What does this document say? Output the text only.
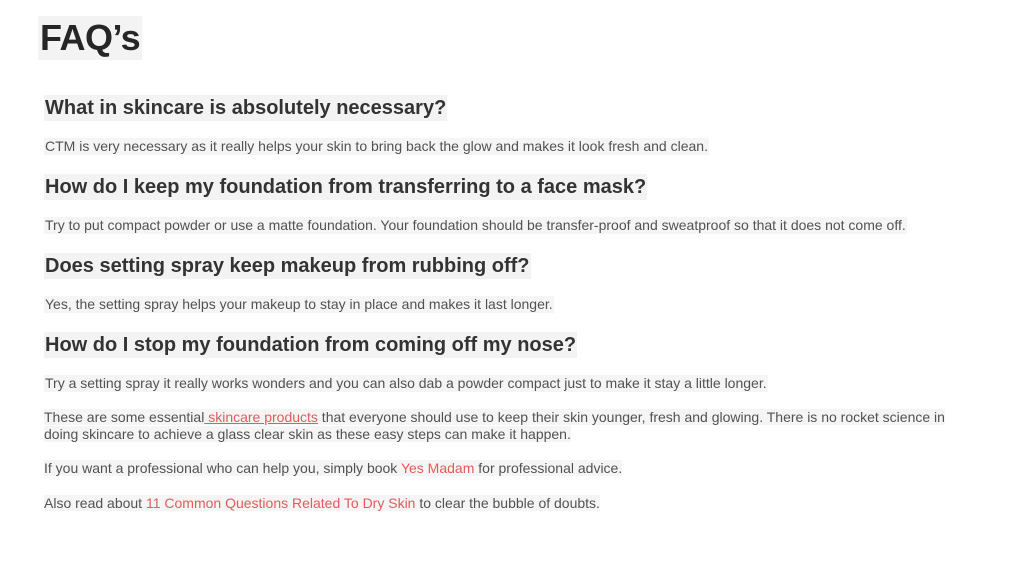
FAQ’s
What in skincare is absolutely necessary?

CTM is very necessary as it really helps your skin to bring back the glow and makes it look fresh and clean.

How do I keep my foundation from transferring to a face mask?

Try to put compact powder or use a matte foundation. Your foundation should be transfer-proof and sweatproof so that it does not come off.

Does setting spray keep makeup from rubbing off?

Yes, the setting spray helps your makeup to stay in place and makes it last longer.

How do I stop my foundation from coming off my nose?

Try a setting spray it really works wonders and you can also dab a powder compact just to make it stay a little longer.

These are some essential skincare products that everyone should use to keep their skin younger, fresh and glowing. There is no rocket science in doing skincare to achieve a glass clear skin as these easy steps can make it happen.

If you want a professional who can help you, simply book Yes Madam for professional advice.

Also read about 11 Common Questions Related To Dry Skin to clear the bubble of doubts.
